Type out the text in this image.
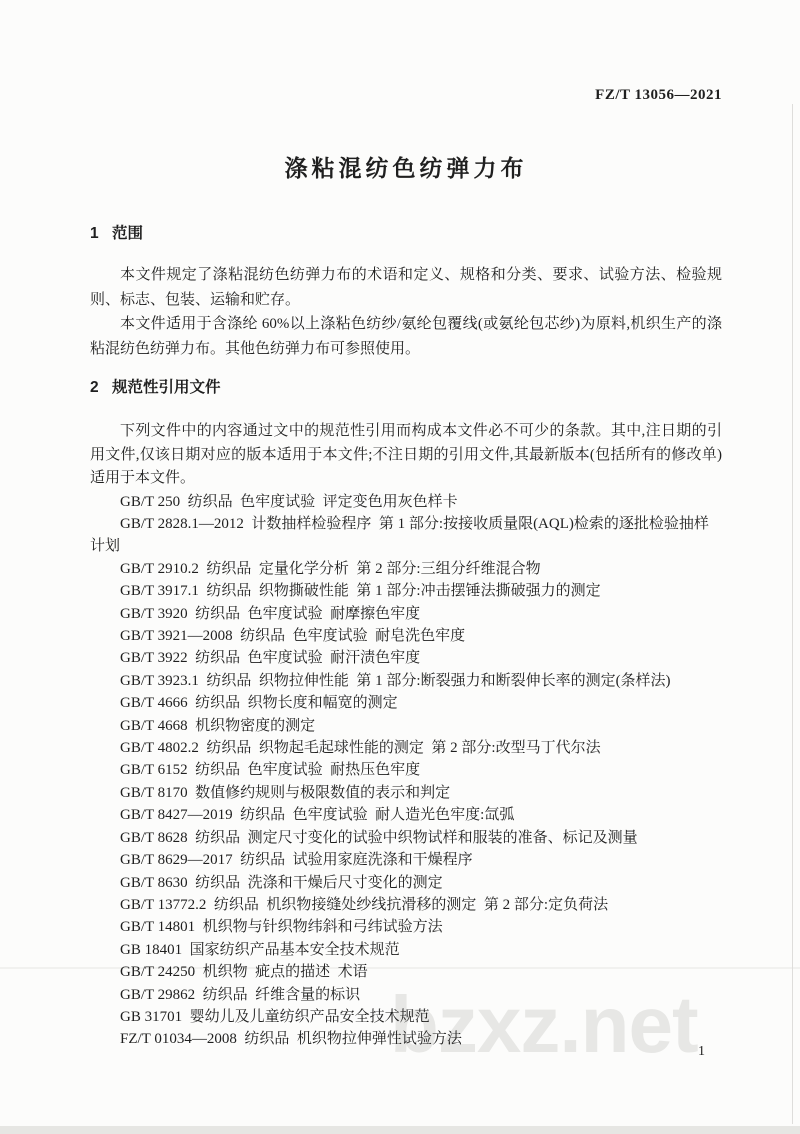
bzxz.net
FZ/T 13056—2021
涤粘混纺色纺弹力布
1 范围

本文件规定了涤粘混纺色纺弹力布的术语和定义、规格和分类、要求、试验方法、检验规则、标志、包装、运输和贮存。

本文件适用于含涤纶 60%以上涤粘色纺纱/氨纶包覆线(或氨纶包芯纱)为原料,机织生产的涤粘混纺色纺弹力布。其他色纺弹力布可参照使用。

2 规范性引用文件

下列文件中的内容通过文中的规范性引用而构成本文件必不可少的条款。其中,注日期的引用文件,仅该日期对应的版本适用于本文件;不注日期的引用文件,其最新版本(包括所有的修改单)适用于本文件。

GB/T 250  纺织品  色牢度试验  评定变色用灰色样卡
GB/T 2828.1—2012  计数抽样检验程序  第 1 部分:按接收质量限(AQL)检索的逐批检验抽样计划
GB/T 2910.2  纺织品  定量化学分析  第 2 部分:三组分纤维混合物
GB/T 3917.1  纺织品  织物撕破性能  第 1 部分:冲击摆锤法撕破强力的测定
GB/T 3920  纺织品  色牢度试验  耐摩擦色牢度
GB/T 3921—2008  纺织品  色牢度试验  耐皂洗色牢度
GB/T 3922  纺织品  色牢度试验  耐汗渍色牢度
GB/T 3923.1  纺织品  织物拉伸性能  第 1 部分:断裂强力和断裂伸长率的测定(条样法)
GB/T 4666  纺织品  织物长度和幅宽的测定
GB/T 4668  机织物密度的测定
GB/T 4802.2  纺织品  织物起毛起球性能的测定  第 2 部分:改型马丁代尔法
GB/T 6152  纺织品  色牢度试验  耐热压色牢度
GB/T 8170  数值修约规则与极限数值的表示和判定
GB/T 8427—2019  纺织品  色牢度试验  耐人造光色牢度:氙弧
GB/T 8628  纺织品  测定尺寸变化的试验中织物试样和服装的准备、标记及测量
GB/T 8629—2017  纺织品  试验用家庭洗涤和干燥程序
GB/T 8630  纺织品  洗涤和干燥后尺寸变化的测定
GB/T 13772.2  纺织品  机织物接缝处纱线抗滑移的测定  第 2 部分:定负荷法
GB/T 14801  机织物与针织物纬斜和弓纬试验方法
GB 18401  国家纺织产品基本安全技术规范
GB/T 24250  机织物  疵点的描述  术语
GB/T 29862  纺织品  纤维含量的标识
GB 31701  婴幼儿及儿童纺织产品安全技术规范
FZ/T 01034—2008  纺织品  机织物拉伸弹性试验方法
1
